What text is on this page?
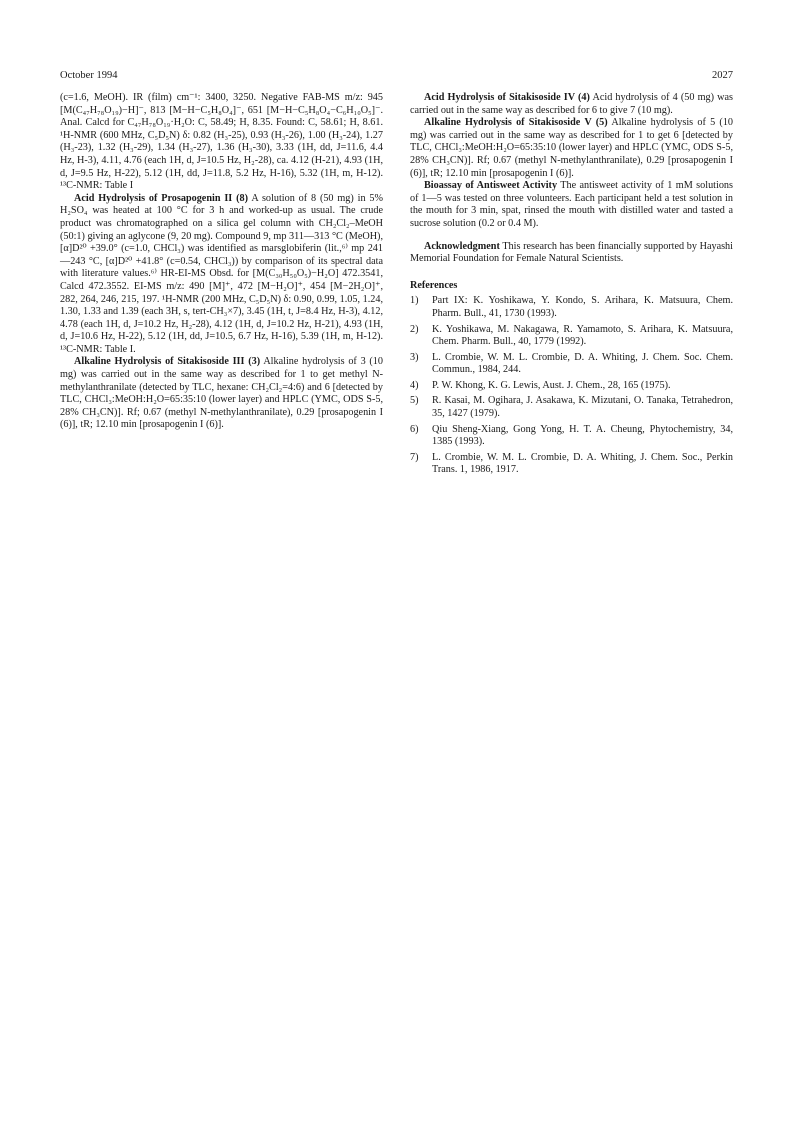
October 1994	2027

(c=1.6, MeOH). IR (film) cm⁻¹: 3400, 3250. Negative FAB-MS m/z: 945 [M(C₄₇H₇₈O₁₉)−H]⁻, 813 [M−H−C₅H₈O₄]⁻, 651 [M−H−C₅H₈O₄−C₆H₁₀O₅]⁻. Anal. Calcd for C₄₇H₇₈O₁₉·H₂O: C, 58.49; H, 8.35. Found: C, 58.61; H, 8.61. ¹H-NMR (600 MHz, C₅D₅N) δ: 0.82 (H₃-25), 0.93 (H₃-26), 1.00 (H₃-24), 1.27 (H₃-23), 1.32 (H₃-29), 1.34 (H₃-27), 1.36 (H₃-30), 3.33 (1H, dd, J=11.6, 4.4 Hz, H-3), 4.11, 4.76 (each 1H, d, J=10.5 Hz, H₂-28), ca. 4.12 (H-21), 4.93 (1H, d, J=9.5 Hz, H-22), 5.12 (1H, dd, J=11.8, 5.2 Hz, H-16), 5.32 (1H, m, H-12). ¹³C-NMR: Table I

Acid Hydrolysis of Prosapogenin II (8) A solution of 8 (50 mg) in 5% H₂SO₄ was heated at 100 °C for 3 h and worked-up as usual. The crude product was chromatographed on a silica gel column with CH₂Cl₂–MeOH (50:1) giving an aglycone (9, 20 mg). Compound 9, mp 311—313 °C (MeOH), [α]D²⁰ +39.0° (c=1.0, CHCl₃) was identified as marsglobiferin (lit.,⁶⁾ mp 241—243 °C, [α]D²⁰ +41.8° (c=0.54, CHCl₃)) by comparison of its spectral data with literature values.⁶⁾ HR-EI-MS Obsd. for [M(C₃₀H₅₀O₅)−H₂O] 472.3541, Calcd 472.3552. EI-MS m/z: 490 [M]⁺, 472 [M−H₂O]⁺, 454 [M−2H₂O]⁺, 282, 264, 246, 215, 197. ¹H-NMR (200 MHz, C₅D₅N) δ: 0.90, 0.99, 1.05, 1.24, 1.30, 1.33 and 1.39 (each 3H, s, tert-CH₃×7), 3.45 (1H, t, J=8.4 Hz, H-3), 4.12, 4.78 (each 1H, d, J=10.2 Hz, H₂-28), 4.12 (1H, d, J=10.2 Hz, H-21), 4.93 (1H, d, J=10.6 Hz, H-22), 5.12 (1H, dd, J=10.5, 6.7 Hz, H-16), 5.39 (1H, m, H-12). ¹³C-NMR: Table I.

Alkaline Hydrolysis of Sitakisoside III (3) Alkaline hydrolysis of 3 (10 mg) was carried out in the same way as described for 1 to get methyl N-methylanthranilate (detected by TLC, hexane: CH₂Cl₂=4:6) and 6 [detected by TLC, CHCl₃:MeOH:H₂O=65:35:10 (lower layer) and HPLC (YMC, ODS S-5, 28% CH₃CN)]. Rf; 0.67 (methyl N-methylanthranilate), 0.29 [prosapogenin I (6)], tR; 12.10 min [prosapogenin I (6)].

Acid Hydrolysis of Sitakisoside IV (4) Acid hydrolysis of 4 (50 mg) was carried out in the same way as described for 6 to give 7 (10 mg).

Alkaline Hydrolysis of Sitakisoside V (5) Alkaline hydrolysis of 5 (10 mg) was carried out in the same way as described for 1 to get 6 [detected by TLC, CHCl₃:MeOH:H₂O=65:35:10 (lower layer) and HPLC (YMC, ODS S-5, 28% CH₃CN)]. Rf; 0.67 (methyl N-methylanthranilate), 0.29 [prosapogenin I (6)], tR; 12.10 min [prosapogenin I (6)].

Bioassay of Antisweet Activity The antisweet activity of 1 mM solutions of 1—5 was tested on three volunteers. Each participant held a test solution in the mouth for 3 min, spat, rinsed the mouth with distilled water and tasted a sucrose solution (0.2 or 0.4 M).

Acknowledgment This research has been financially supported by Hayashi Memorial Foundation for Female Natural Scientists.

References
1)	Part IX: K. Yoshikawa, Y. Kondo, S. Arihara, K. Matsuura, Chem. Pharm. Bull., 41, 1730 (1993).
2)	K. Yoshikawa, M. Nakagawa, R. Yamamoto, S. Arihara, K. Matsuura, Chem. Pharm. Bull., 40, 1779 (1992).
3)	L. Crombie, W. M. L. Crombie, D. A. Whiting, J. Chem. Soc. Chem. Commun., 1984, 244.
4)	P. W. Khong, K. G. Lewis, Aust. J. Chem., 28, 165 (1975).
5)	R. Kasai, M. Ogihara, J. Asakawa, K. Mizutani, O. Tanaka, Tetrahedron, 35, 1427 (1979).
6)	Qiu Sheng-Xiang, Gong Yong, H. T. A. Cheung, Phytochemistry, 34, 1385 (1993).
7)	L. Crombie, W. M. L. Crombie, D. A. Whiting, J. Chem. Soc., Perkin Trans. 1, 1986, 1917.
